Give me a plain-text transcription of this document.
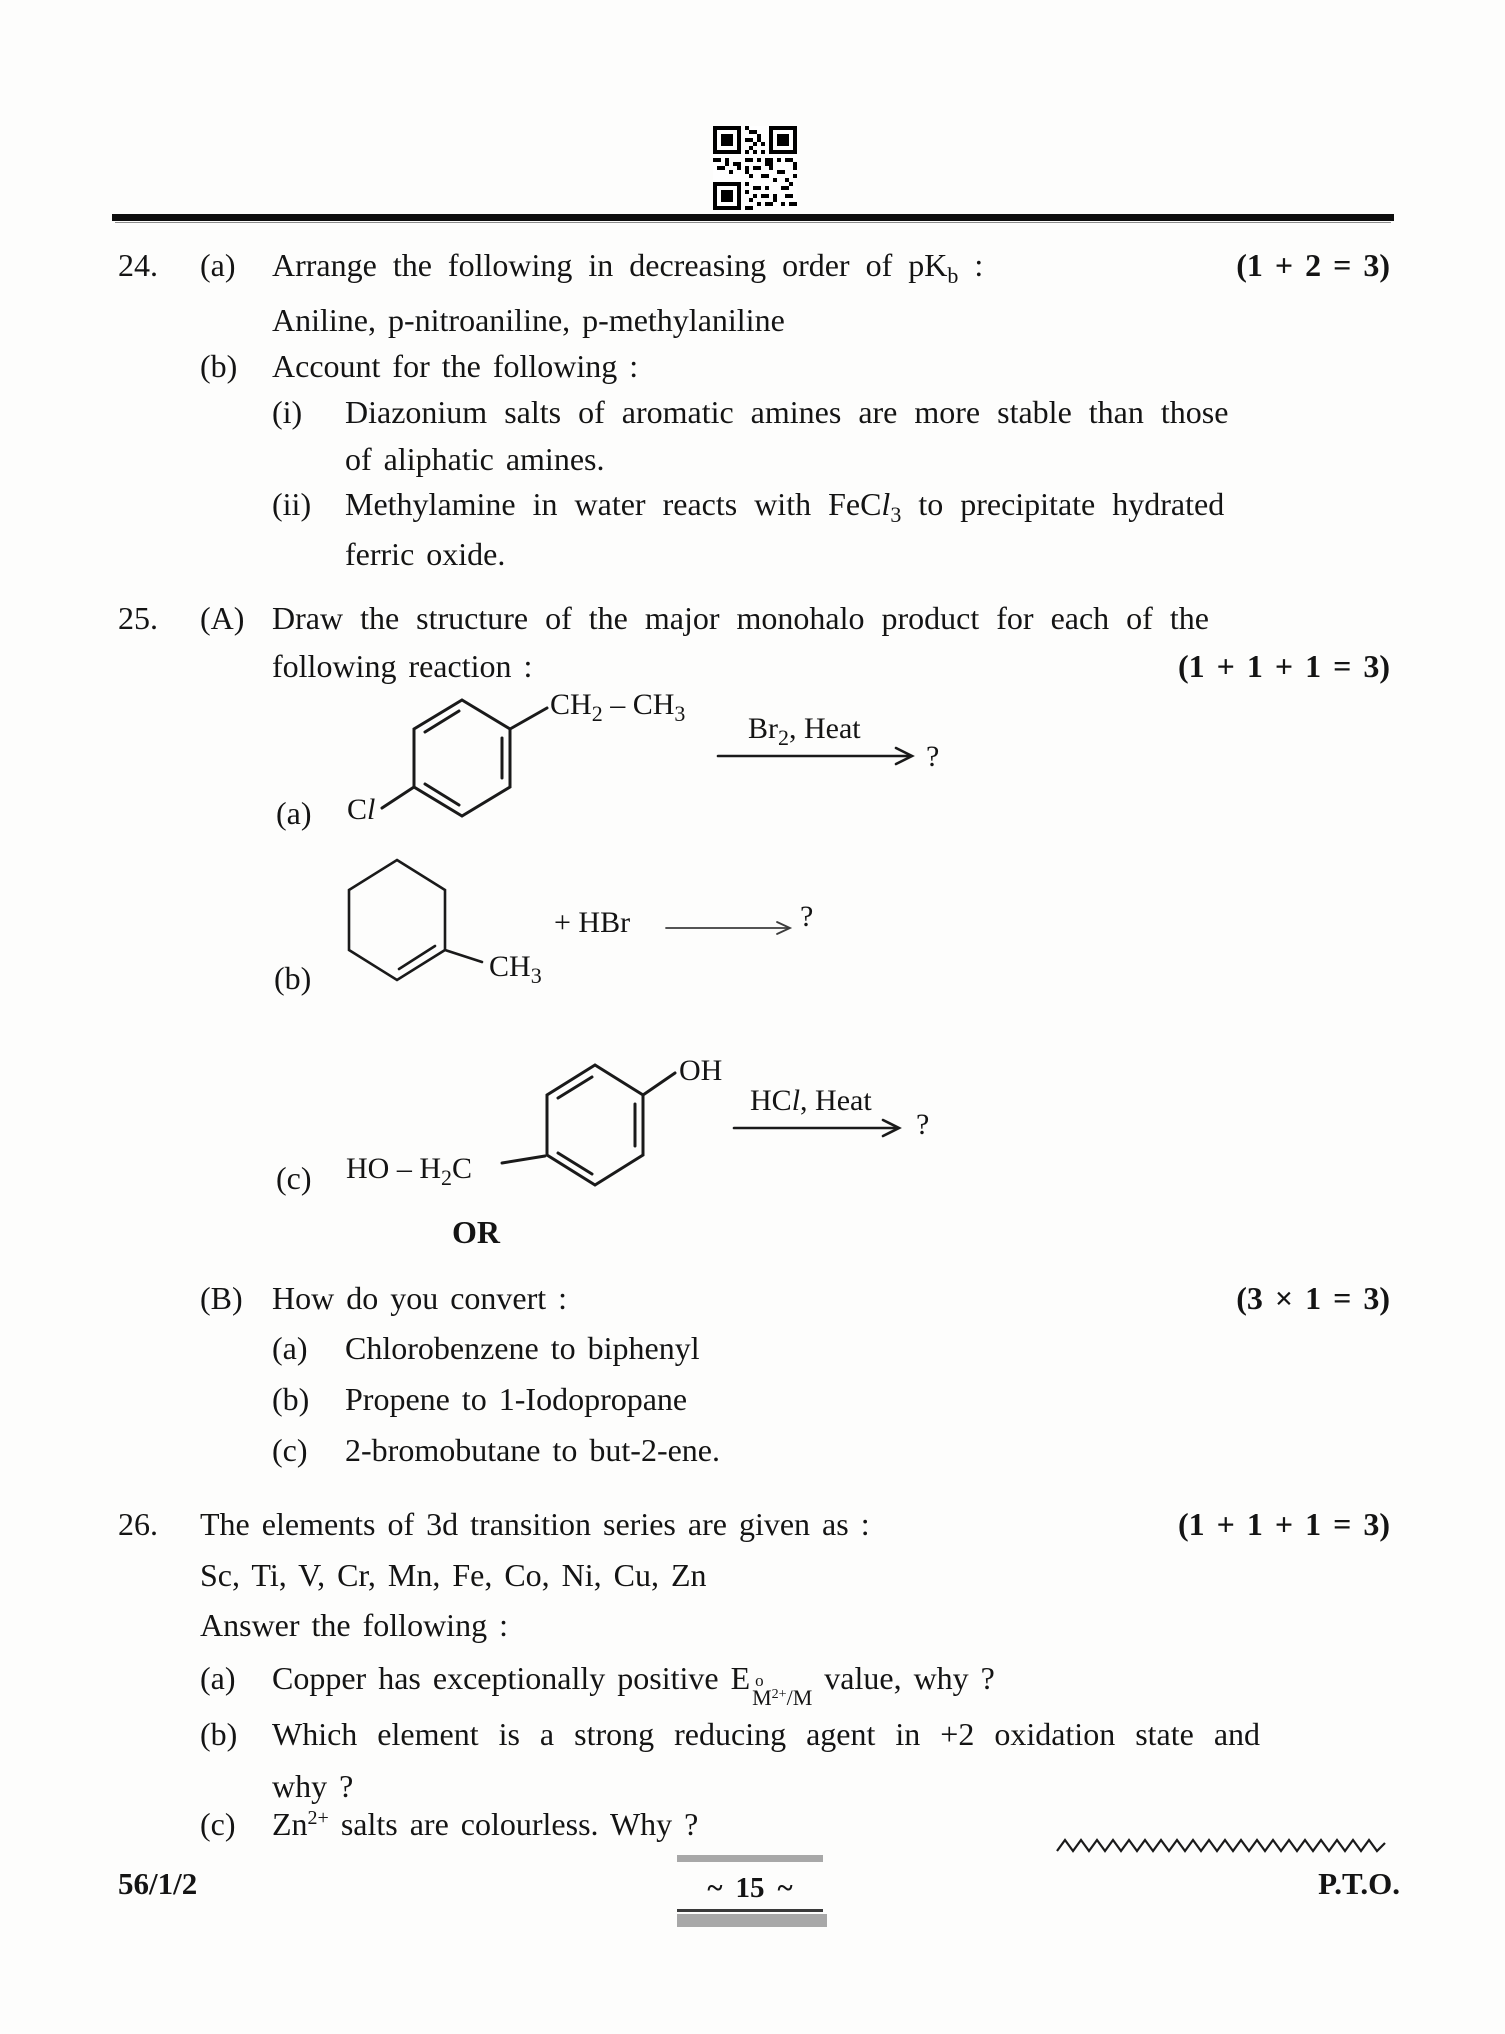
24. (a) Arrange the following in decreasing order of $pK_b$ :	(1 + 2 = 3)
Aniline, p-nitroaniline, p-methylaniline
(b) Account for the following :
(i) Diazonium salts of aromatic amines are more stable than those
of aliphatic amines.
(ii) Methylamine in water reacts with FeCl$_3$ to precipitate hydrated
ferric oxide.
25. (A) Draw the structure of the major monohalo product for each of the
following reaction :	(1 + 1 + 1 = 3)
$CH_2 - CH_3$ $Br_2$, Heat
?
(a) Cl
+ HBr	?
$CH_3$
(b)
OH
HCl, Heat
?
(c) HO – $H_2C$
OR
(B) How do you convert :	(3 × 1 = 3)
(a) Chlorobenzene to biphenyl
(b) Propene to 1-Iodopropane
(c) 2-bromobutane to but-2-ene.
26. The elements of 3d transition series are given as :	(1 + 1 + 1 = 3)
Sc, Ti, V, Cr, Mn, Fe, Co, Ni, Cu, Zn
Answer the following :
(a) Copper has exceptionally positive E o
$M^{2+}/M$
value, why ?
(b) Which element is a strong reducing agent in +2 oxidation state and
why ?
(c) $Zn^{2+}$ salts are colourless. Why ?
56/1/2	~ 15 ~	P.T.O.
